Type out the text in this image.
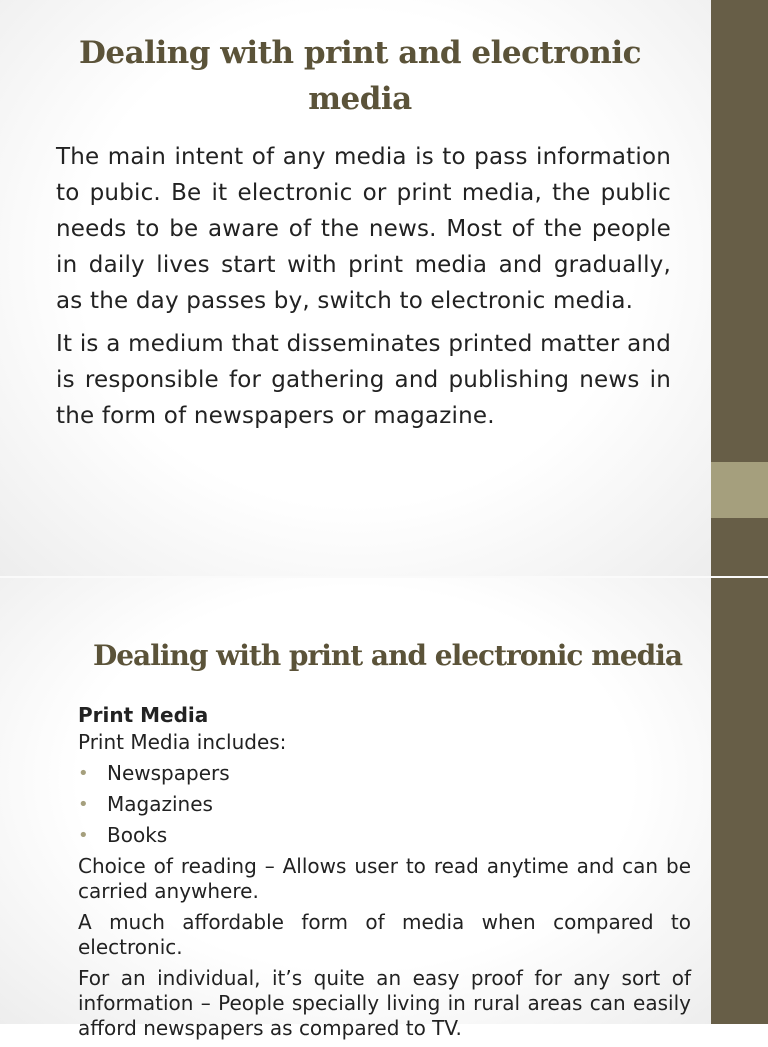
Dealing with print and electronic media

The main intent of any media is to pass information to pubic. Be it electronic or print media, the public needs to be aware of the news. Most of the people in daily lives start with print media and gradually, as the day passes by, switch to electronic media.

It is a medium that disseminates printed matter and is responsible for gathering and publishing news in the form of newspapers or magazine.

Dealing with print and electronic media

Print Media

Print Media includes:

• Newspapers
• Magazines
• Books

Choice of reading – Allows user to read anytime and can be carried anywhere.

A much affordable form of media when compared to electronic.

For an individual, it’s quite an easy proof for any sort of information – People specially living in rural areas can easily afford newspapers as compared to TV.
